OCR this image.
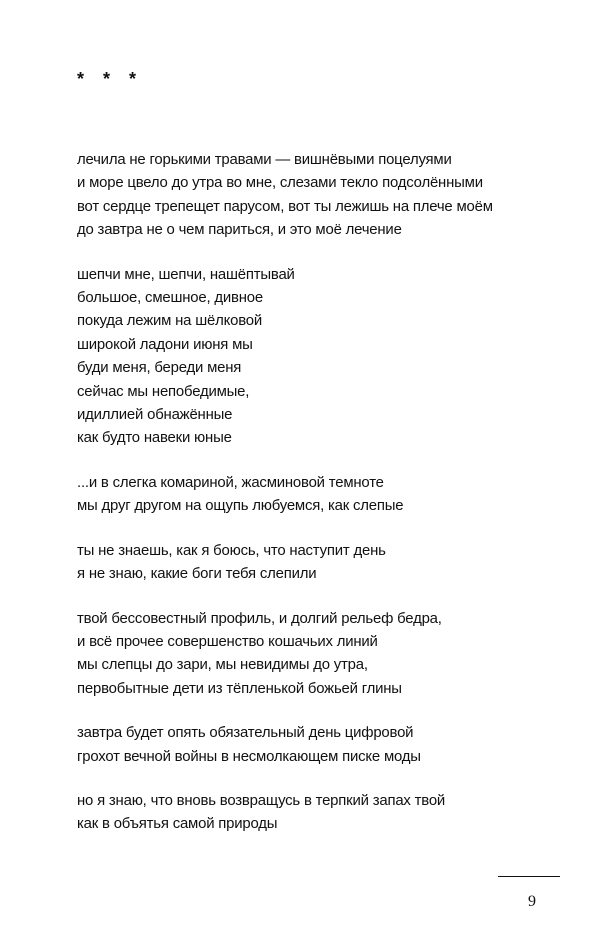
* * *
лечила не горькими травами — вишнёвыми поцелуями
и море цвело до утра во мне, слезами текло подсолёнными
вот сердце трепещет парусом, вот ты лежишь на плече моём
до завтра не о чем париться, и это моё лечение
шепчи мне, шепчи, нашёптывай
большое, смешное, дивное
покуда лежим на шёлковой
широкой ладони июня мы
буди меня, береди меня
сейчас мы непобедимые,
идиллией обнажённые
как будто навеки юные
...и в слегка комариной, жасминовой темноте
мы друг другом на ощупь любуемся, как слепые
ты не знаешь, как я боюсь, что наступит день
я не знаю, какие боги тебя слепили
твой бессовестный профиль, и долгий рельеф бедра,
и всё прочее совершенство кошачьих линий
мы слепцы до зари, мы невидимы до утра,
первобытные дети из тёпленькой божьей глины
завтра будет опять обязательный день цифровой
грохот вечной войны в несмолкающем писке моды
но я знаю, что вновь возвращусь в терпкий запах твой
как в объятья самой природы
9
